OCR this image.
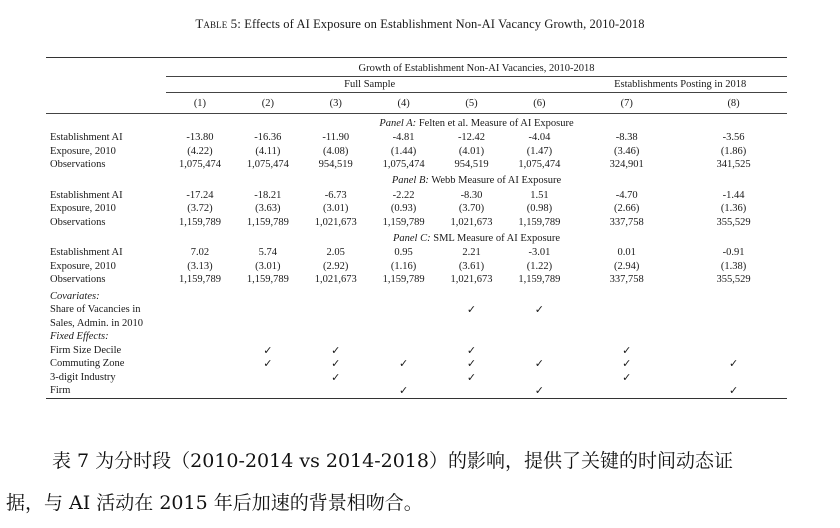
Table 5: Effects of AI Exposure on Establishment Non-AI Vacancy Growth, 2010-2018

	Growth of Establishment Non-AI Vacancies, 2010-2018							
	Full Sample						Establishments Posting in 2018	
	(1)	(2)	(3)	(4)	(5)	(6)	(7)	(8)
	Panel A: Felten et al. Measure of AI Exposure							
Establishment AI	-13.80	-16.36	-11.90	-4.81	-12.42	-4.04	-8.38	-3.56
Exposure, 2010	(4.22)	(4.11)	(4.08)	(1.44)	(4.01)	(1.47)	(3.46)	(1.86)
Observations	1,075,474	1,075,474	954,519	1,075,474	954,519	1,075,474	324,901	341,525
	Panel B: Webb Measure of AI Exposure							
Establishment AI	-17.24	-18.21	-6.73	-2.22	-8.30	1.51	-4.70	-1.44
Exposure, 2010	(3.72)	(3.63)	(3.01)	(0.93)	(3.70)	(0.98)	(2.66)	(1.36)
Observations	1,159,789	1,159,789	1,021,673	1,159,789	1,021,673	1,159,789	337,758	355,529
	Panel C: SML Measure of AI Exposure							
Establishment AI	7.02	5.74	2.05	0.95	2.21	-3.01	0.01	-0.91
Exposure, 2010	(3.13)	(3.01)	(2.92)	(1.16)	(3.61)	(1.22)	(2.94)	(1.38)
Observations	1,159,789	1,159,789	1,021,673	1,159,789	1,021,673	1,159,789	337,758	355,529

Covariates:								
Share of Vacancies in					✓	✓		
Sales, Admin. in 2010								
Fixed Effects:								
Firm Size Decile		✓	✓		✓		✓	
Commuting Zone		✓	✓	✓	✓	✓	✓	✓
3-digit Industry			✓		✓		✓	
Firm				✓		✓		✓
表 7 为分时段（2010-2014 vs 2014-2018）的影响，提供了关键的时间动态证
据，与 AI 活动在 2015 年后加速的背景相吻合。
